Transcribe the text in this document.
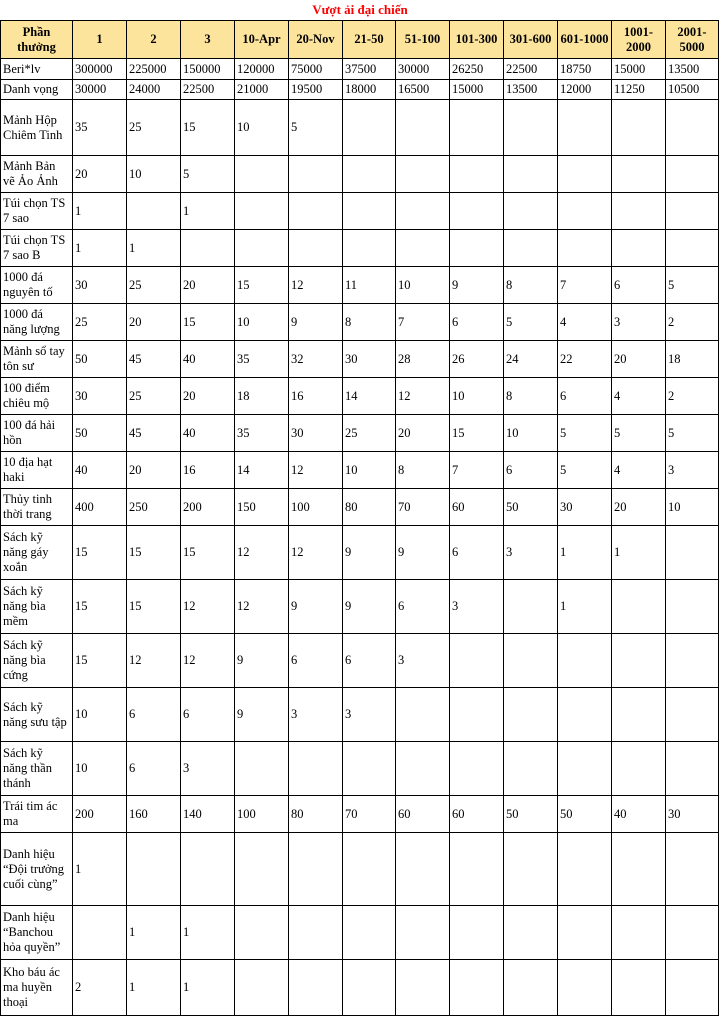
Vượt ải đại chiến
Phần thưởng	1	2	3	10-Apr	20-Nov	21-50	51-100	101-300	301-600	601-1000	1001-2000	2001-5000
Beri*lv	300000	225000	150000	120000	75000	37500	30000	26250	22500	18750	15000	13500
Danh vọng	30000	24000	22500	21000	19500	18000	16500	15000	13500	12000	11250	10500
Mảnh Hộp Chiêm Tinh	35	25	15	10	5							
Mảnh Bản vẽ Ảo Ảnh	20	10	5									
Túi chọn TS 7 sao	1		1									
Túi chọn TS 7 sao B	1	1										
1000 đá nguyên tố	30	25	20	15	12	11	10	9	8	7	6	5
1000 đá năng lượng	25	20	15	10	9	8	7	6	5	4	3	2
Mảnh sổ tay tôn sư	50	45	40	35	32	30	28	26	24	22	20	18
100 điểm chiêu mộ	30	25	20	18	16	14	12	10	8	6	4	2
100 đá hải hồn	50	45	40	35	30	25	20	15	10	5	5	5
10 địa hạt haki	40	20	16	14	12	10	8	7	6	5	4	3
Thủy tinh thời trang	400	250	200	150	100	80	70	60	50	30	20	10
Sách kỹ năng gáy xoắn	15	15	15	12	12	9	9	6	3	1	1	
Sách kỹ năng bìa mềm	15	15	12	12	9	9	6	3		1		
Sách kỹ năng bìa cứng	15	12	12	9	6	6	3					
Sách kỹ năng sưu tập	10	6	6	9	3	3						
Sách kỹ năng thần thánh	10	6	3									
Trái tim ác ma	200	160	140	100	80	70	60	60	50	50	40	30
Danh hiệu “Đội trưởng cuối cùng”	1											
Danh hiệu “Banchou hỏa quyền”		1	1									
Kho báu ác ma huyền thoại	2	1	1									
